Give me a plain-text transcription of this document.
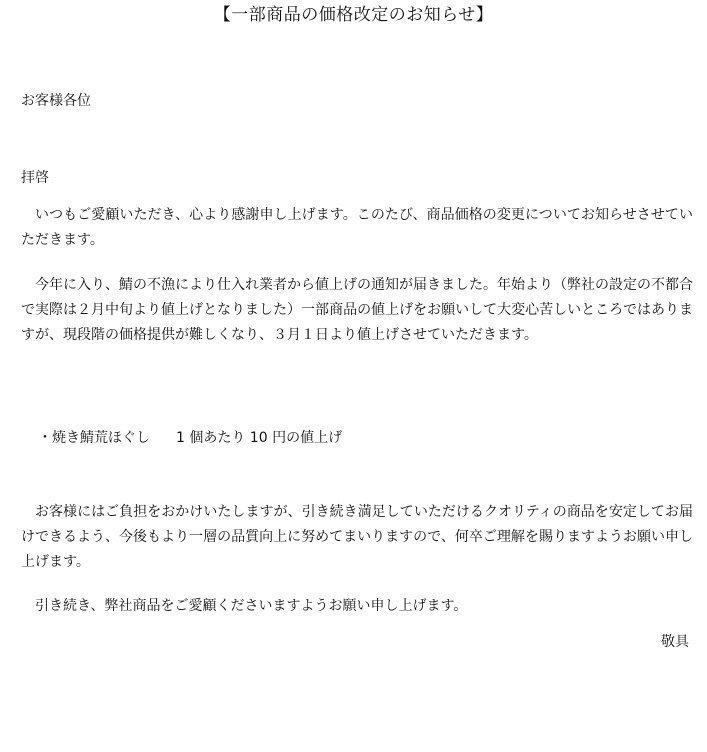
【一部商品の価格改定のお知らせ】

お客様各位

拝啓

いつもご愛顧いただき、心より感謝申し上げます。このたび、商品価格の変更についてお知らせさせていただきます。

今年に入り、鯖の不漁により仕入れ業者から値上げの通知が届きました。年始より（弊社の設定の不都合で実際は２月中旬より値上げとなりました）一部商品の値上げをお願いして大変心苦しいところではありますが、現段階の価格提供が難しくなり、３月１日より値上げさせていただきます。

・焼き鯖荒ほぐし 1 個あたり 10 円の値上げ

お客様にはご負担をおかけいたしますが、引き続き満足していただけるクオリティの商品を安定してお届けできるよう、今後もより一層の品質向上に努めてまいりますので、何卒ご理解を賜りますようお願い申し上げます。

引き続き、弊社商品をご愛顧くださいますようお願い申し上げます。

敬具
